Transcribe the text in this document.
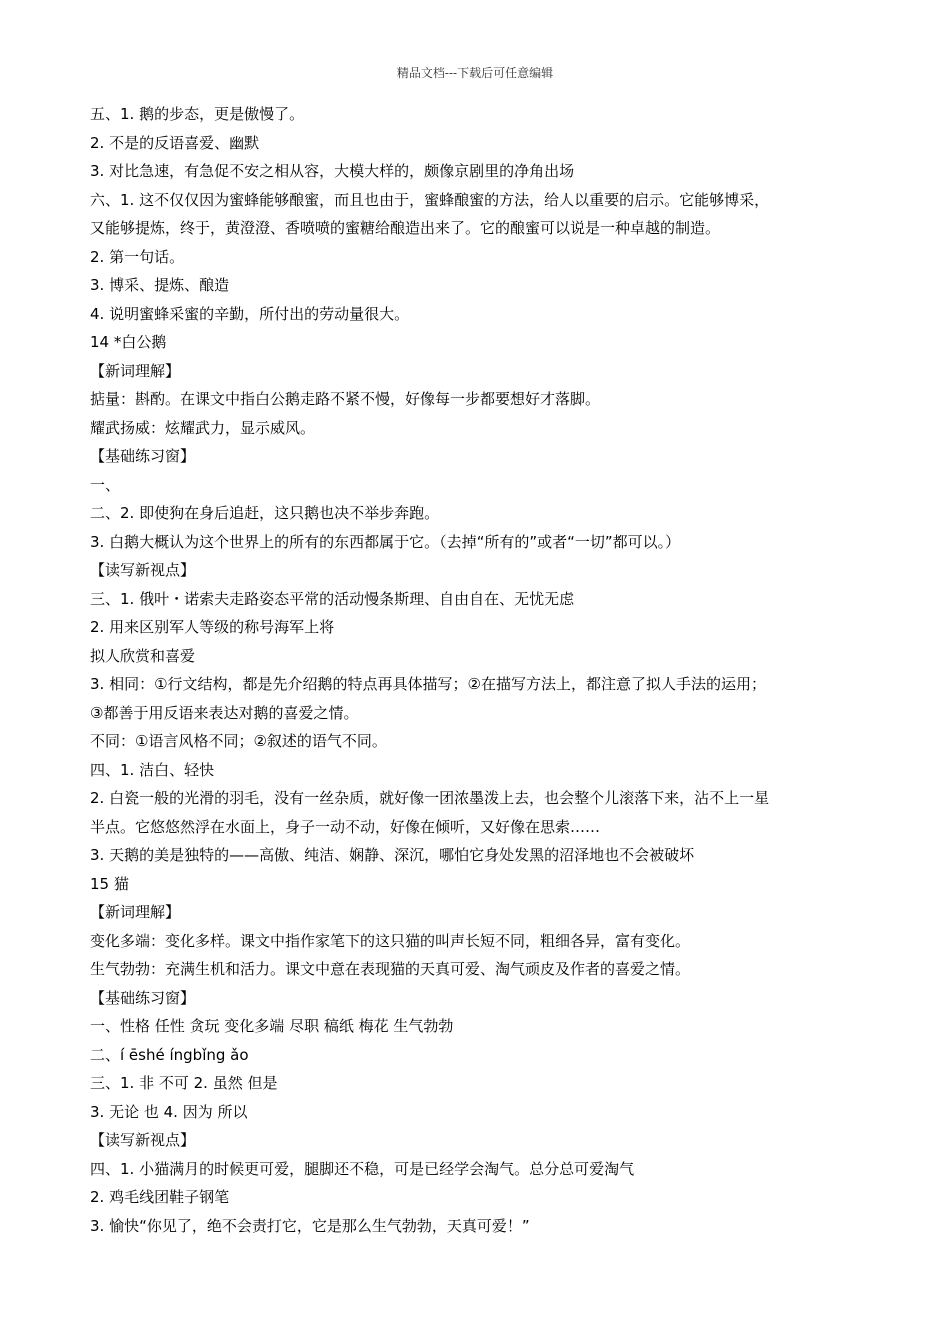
精品文档---下载后可任意编辑

五、1. 鹅的步态，更是傲慢了。
2. 不是的反语喜爱、幽默
3. 对比急速，有急促不安之相从容，大模大样的，颇像京剧里的净角出场
六、1. 这不仅仅因为蜜蜂能够酿蜜，而且也由于，蜜蜂酿蜜的方法，给人以重要的启示。它能够博采，
又能够提炼，终于，黄澄澄、香喷喷的蜜糖给酿造出来了。它的酿蜜可以说是一种卓越的制造。
2. 第一句话。
3. 博采、提炼、酿造
4. 说明蜜蜂采蜜的辛勤，所付出的劳动量很大。
14 *白公鹅
【新词理解】
掂量：斟酌。在课文中指白公鹅走路不紧不慢，好像每一步都要想好才落脚。
耀武扬威：炫耀武力，显示威风。
【基础练习窗】
一、
二、2. 即使狗在身后追赶，这只鹅也决不举步奔跑。
3. 白鹅大概认为这个世界上的所有的东西都属于它。（去掉“所有的”或者“一切”都可以。）
【读写新视点】
三、1. 俄叶・诺索夫走路姿态平常的活动慢条斯理、自由自在、无忧无虑
2. 用来区别军人等级的称号海军上将
拟人欣赏和喜爱
3. 相同：①行文结构，都是先介绍鹅的特点再具体描写；②在描写方法上，都注意了拟人手法的运用；
③都善于用反语来表达对鹅的喜爱之情。
不同：①语言风格不同；②叙述的语气不同。
四、1. 洁白、轻快
2. 白瓷一般的光滑的羽毛，没有一丝杂质，就好像一团浓墨泼上去，也会整个儿滚落下来，沾不上一星
半点。它悠悠然浮在水面上，身子一动不动，好像在倾听，又好像在思索……
3. 天鹅的美是独特的——高傲、纯洁、娴静、深沉，哪怕它身处发黑的沼泽地也不会被破坏
15 猫
【新词理解】
变化多端：变化多样。课文中指作家笔下的这只猫的叫声长短不同，粗细各异，富有变化。
生气勃勃：充满生机和活力。课文中意在表现猫的天真可爱、淘气顽皮及作者的喜爱之情。
【基础练习窗】
一、性格 任性 贪玩 变化多端 尽职 稿纸 梅花 生气勃勃
二、í ēshé íngbǐng ǎo
三、1. 非 不可 2. 虽然 但是
3. 无论 也 4. 因为 所以
【读写新视点】
四、1. 小猫满月的时候更可爱，腿脚还不稳，可是已经学会淘气。总分总可爱淘气
2. 鸡毛线团鞋子钢笔
3. 愉快“你见了，绝不会责打它，它是那么生气勃勃，天真可爱！”
